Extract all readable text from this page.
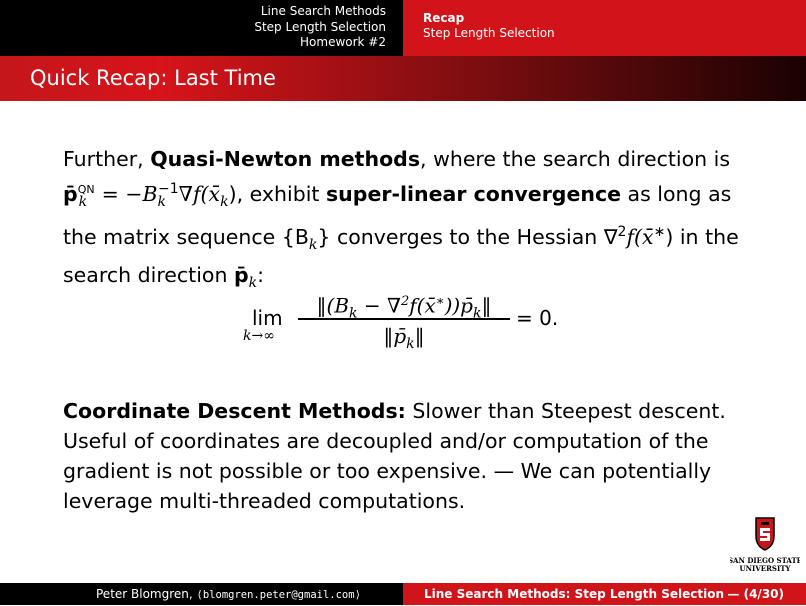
Line Search Methods
Step Length Selection
Homework #2
Recap
Step Length Selection
Quick Recap: Last Time
Further, Quasi-Newton methods, where the search direction is
p̄$^{QN}_k$ = $-B_k^{-1}\nabla f(x̄_k)$, exhibit super-linear convergence as long as
the matrix sequence $\{B_k\}$ converges to the Hessian ∇$^2$f(x̄∗) in the
search direction $p̄_k$:
lim
k→∞
$‖(B_k$ − $\nabla^2f(x̄^∗))p̄_k‖$
$‖p̄_k‖$
= 0.
Coordinate Descent Methods: Slower than Steepest descent. Useful of coordinates are decoupled and/or computation of the gradient is not possible or too expensive. — We can potentially leverage multi-threaded computations.
SAN DIEGO STATE
UNIVERSITY
Peter Blomgren, ⟨blomgren.peter@gmail.com⟩	Line Search Methods: Step Length Selection — (4/30)
